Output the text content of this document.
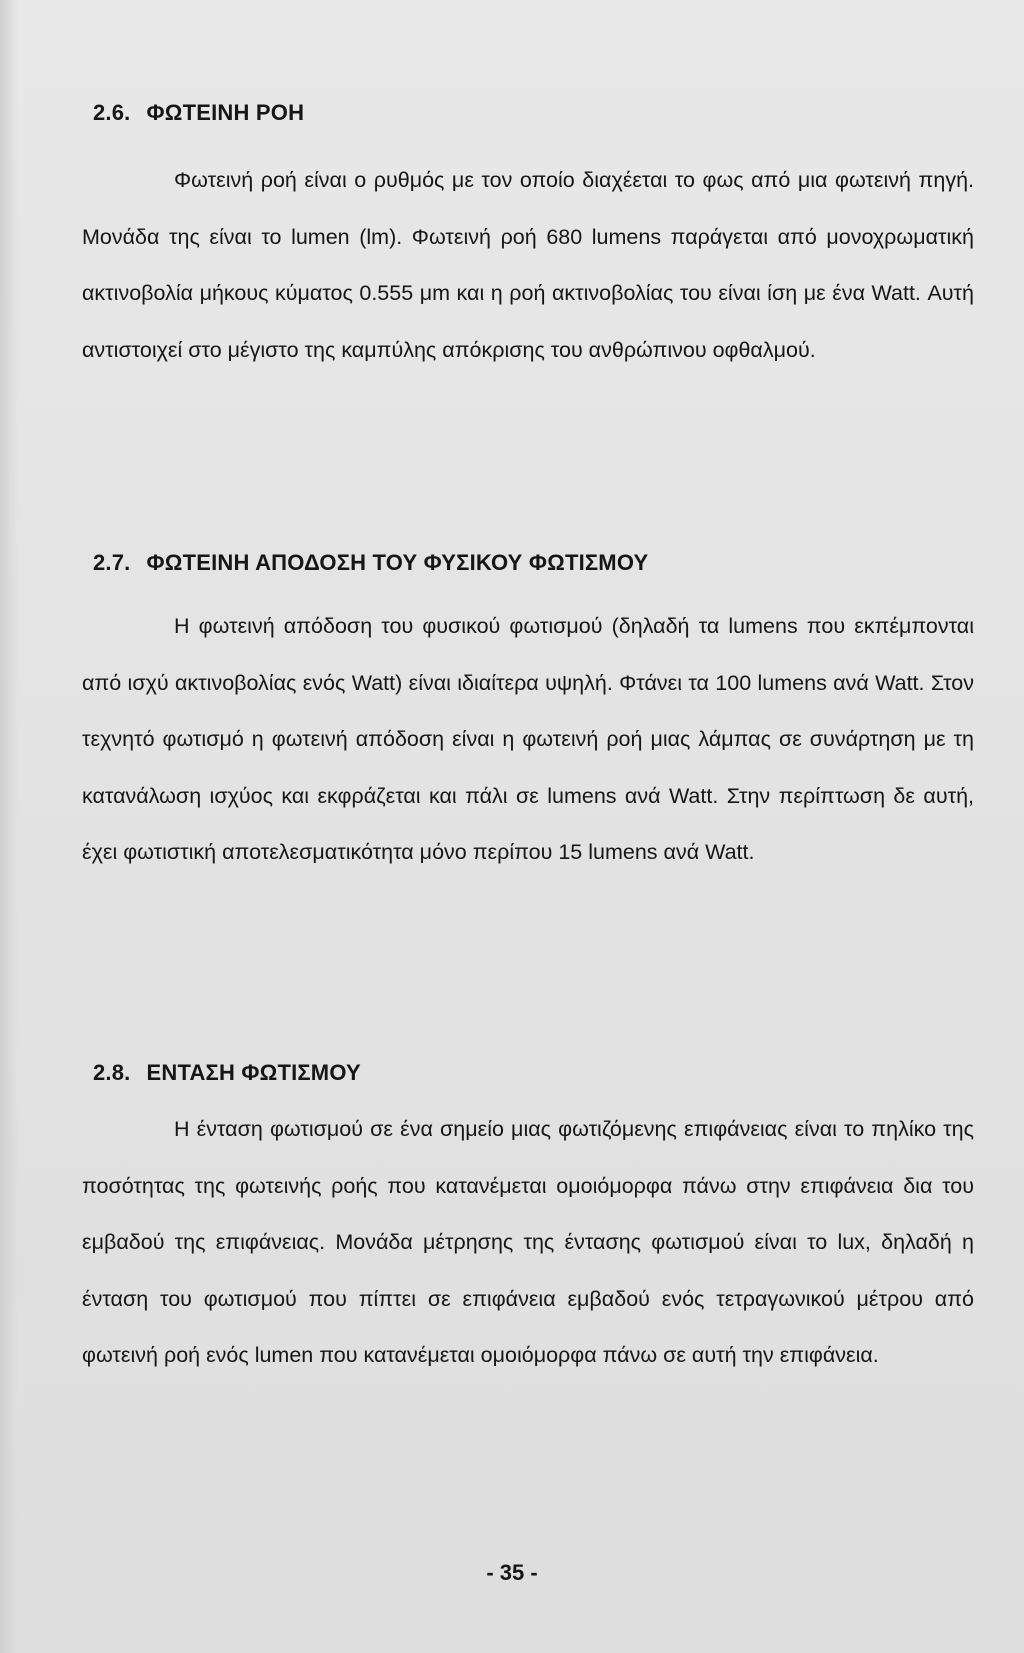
2.6. ΦΩΤΕΙΝΗ ΡΟΗ

Φωτεινή ροή είναι ο ρυθμός με τον οποίο διαχέεται το φως από μια φωτεινή πηγή. Μονάδα της είναι το lumen (lm). Φωτεινή ροή 680 lumens παράγεται από μονοχρωματική ακτινοβολία μήκους κύματος 0.555 μm και η ροή ακτινοβολίας του είναι ίση με ένα Watt. Αυτή αντιστοιχεί στο μέγιστο της καμπύλης απόκρισης του ανθρώπινου οφθαλμού.

2.7. ΦΩΤΕΙΝΗ ΑΠΟΔΟΣΗ ΤΟΥ ΦΥΣΙΚΟΥ ΦΩΤΙΣΜΟΥ

Η φωτεινή απόδοση του φυσικού φωτισμού (δηλαδή τα lumens που εκπέμπονται από ισχύ ακτινοβολίας ενός Watt) είναι ιδιαίτερα υψηλή. Φτάνει τα 100 lumens ανά Watt. Στον τεχνητό φωτισμό η φωτεινή απόδοση είναι η φωτεινή ροή μιας λάμπας σε συνάρτηση με τη κατανάλωση ισχύος και εκφράζεται και πάλι σε lumens ανά Watt. Στην περίπτωση δε αυτή, έχει φωτιστική αποτελεσματικότητα μόνο περίπου 15 lumens ανά Watt.

2.8. ΕΝΤΑΣΗ ΦΩΤΙΣΜΟΥ

Η ένταση φωτισμού σε ένα σημείο μιας φωτιζόμενης επιφάνειας είναι το πηλίκο της ποσότητας της φωτεινής ροής που κατανέμεται ομοιόμορφα πάνω στην επιφάνεια δια του εμβαδού της επιφάνειας. Μονάδα μέτρησης της έντασης φωτισμού είναι το lux, δηλαδή η ένταση του φωτισμού που πίπτει σε επιφάνεια εμβαδού ενός τετραγωνικού μέτρου από φωτεινή ροή ενός lumen που κατανέμεται ομοιόμορφα πάνω σε αυτή την επιφάνεια.

- 35 -
